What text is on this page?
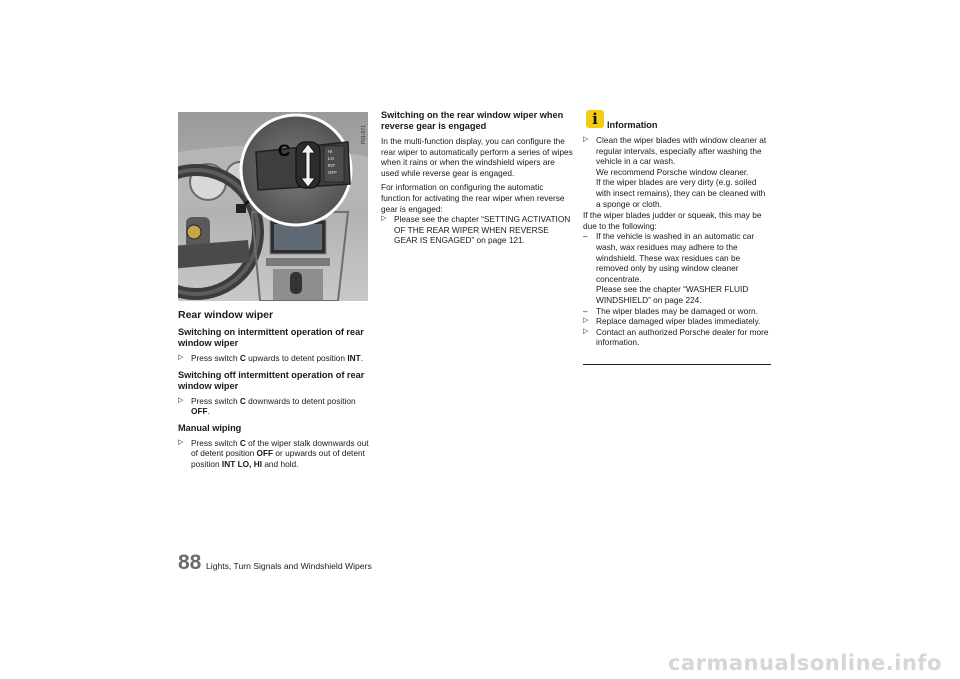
HI
LO
INT
OFF
C
P01-071
Rear window wiper
Switching on intermittent operation of rear window wiper
▷ Press switch C upwards to detent position INT.
Switching off intermittent operation of rear window wiper
▷ Press switch C downwards to detent position OFF.
Manual wiping
▷ Press switch C of the wiper stalk downwards out of detent position OFF or upwards out of detent position INT LO, HI and hold.
Switching on the rear window wiper when reverse gear is engaged
In the multi-function display, you can configure the rear wiper to automatically perform a series of wipes when it rains or when the windshield wipers are used while reverse gear is engaged.
For information on configuring the automatic function for activating the rear wiper when reverse gear is engaged:
▷ Please see the chapter “SETTING ACTIVATION OF THE REAR WIPER WHEN REVERSE GEAR IS ENGAGED” on page 121.
i Information
▷ Clean the wiper blades with window cleaner at regular intervals, especially after washing the vehicle in a car wash.
We recommend Porsche window cleaner.
If the wiper blades are very dirty (e.g. soiled with insect remains), they can be cleaned with a sponge or cloth.
If the wiper blades judder or squeak, this may be due to the following:
– If the vehicle is washed in an automatic car wash, wax residues may adhere to the windshield. These wax residues can be removed only by using window cleaner concentrate.
Please see the chapter “WASHER FLUID WINDSHIELD” on page 224.
– The wiper blades may be damaged or worn.
▷ Replace damaged wiper blades immediately.
▷ Contact an authorized Porsche dealer for more information.
88 Lights, Turn Signals and Windshield Wipers
carmanualsonline.info
